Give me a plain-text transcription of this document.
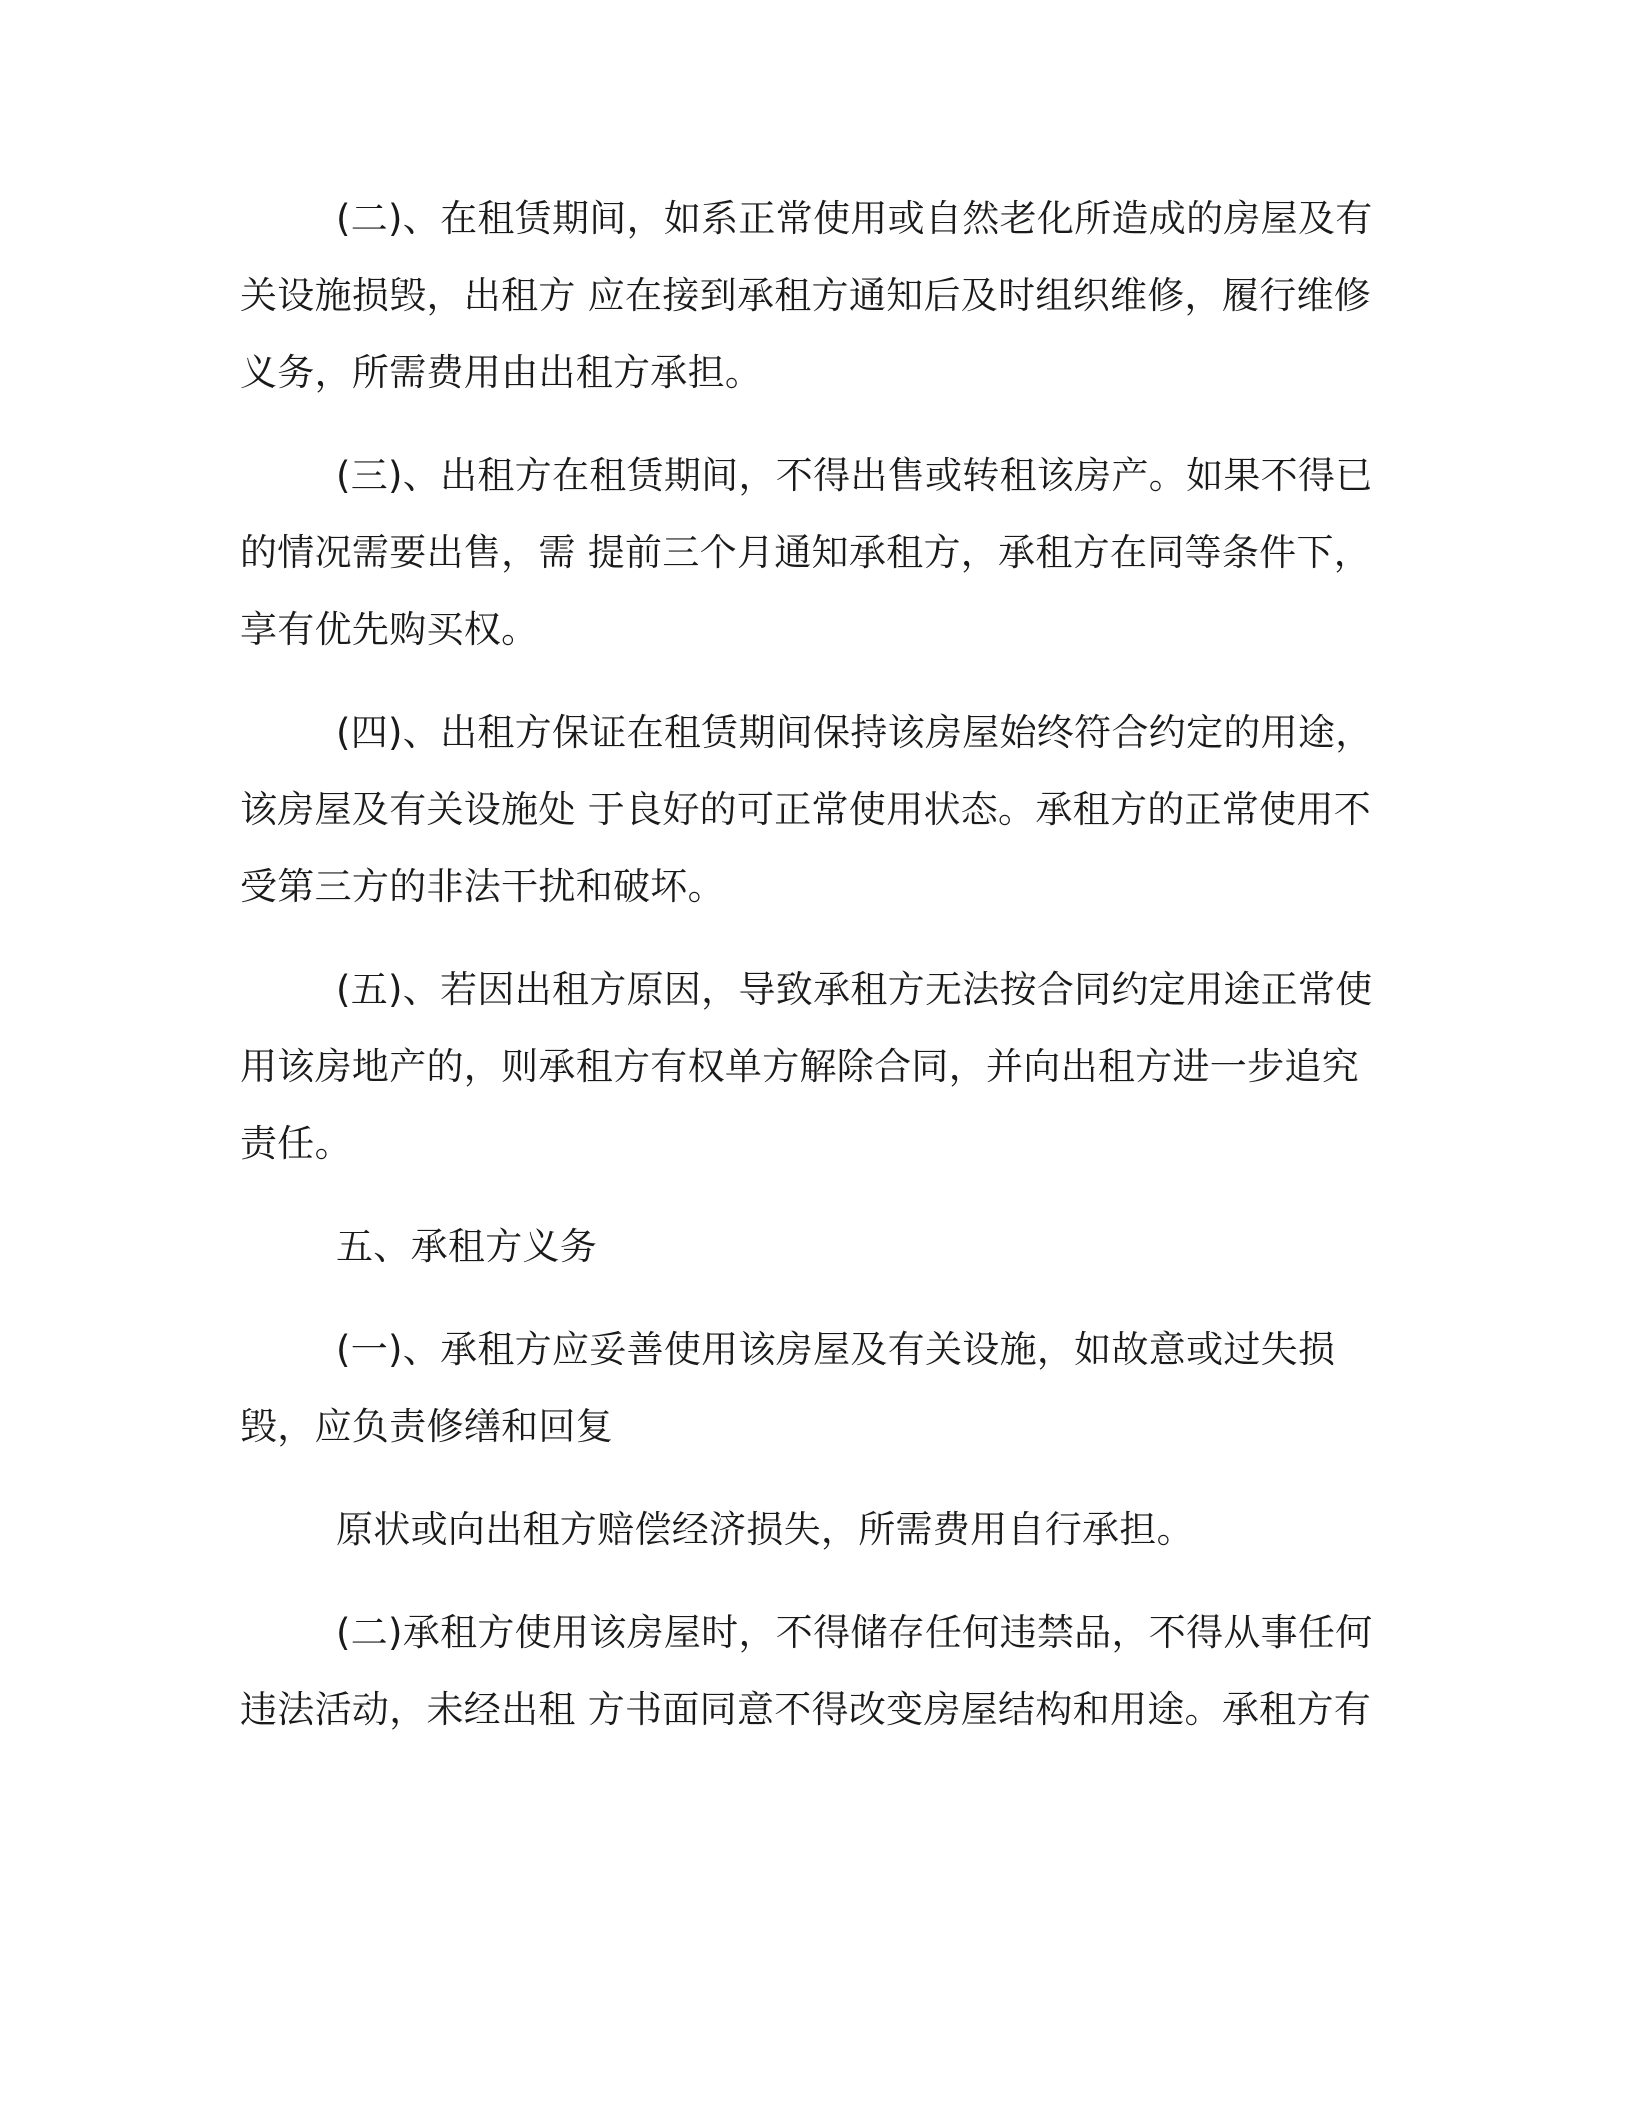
(二)、在租赁期间，如系正常使用或自然老化所造成的房屋及有关设施损毁，出租方 应在接到承租方通知后及时组织维修，履行维修义务，所需费用由出租方承担。

(三)、出租方在租赁期间，不得出售或转租该房产。如果不得已的情况需要出售，需 提前三个月通知承租方，承租方在同等条件下，享有优先购买权。

(四)、出租方保证在租赁期间保持该房屋始终符合约定的用途，该房屋及有关设施处 于良好的可正常使用状态。承租方的正常使用不受第三方的非法干扰和破坏。

(五)、若因出租方原因，导致承租方无法按合同约定用途正常使用该房地产的，则承租方有权单方解除合同，并向出租方进一步追究责任。

五、承租方义务

(一)、承租方应妥善使用该房屋及有关设施，如故意或过失损毁，应负责修缮和回复

原状或向出租方赔偿经济损失，所需费用自行承担。

(二)承租方使用该房屋时，不得储存任何违禁品，不得从事任何违法活动，未经出租 方书面同意不得改变房屋结构和用途。承租方有
